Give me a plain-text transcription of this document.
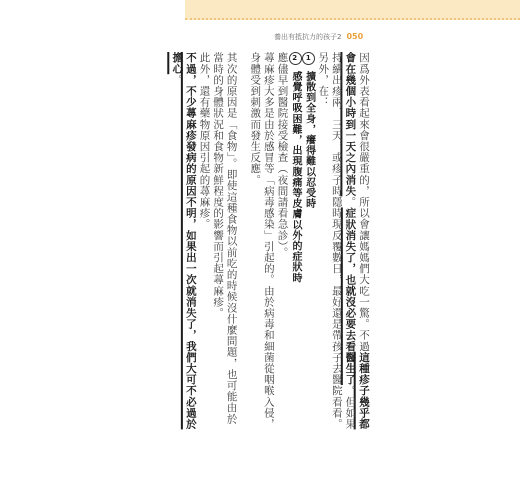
養出有抵抗力的孩子2 050

因爲外表看起來會很嚴重的，所以會讓媽媽們大吃一驚。不過這種疹子幾乎都會在幾個小時到一天之內消失。症狀消失了，也就沒必要去看醫生了。但如果持續出疹兩、三天，或疹子時隱時現反覆數日，最好還是帶孩子去醫院看看。另外，在：

1 擴散到全身，癢得難以忍受時

2 感覺呼吸困難，出現腹痛等皮膚以外的症狀時

應儘早到醫院接受檢查（夜間請看急診）。

蕁麻疹大多是由於感冒等「病毒感染」引起的。由於病毒和細菌從咽喉入侵，身體受到刺激而發生反應。

其次的原因是「食物」。即使這種食物以前吃的時候沒什麼問題，也可能由於當時的身體狀況和食物新鮮程度的影響而引起蕁麻疹。

此外，還有藥物原因引起的蕁麻疹。

不過，不少蕁麻疹發病的原因不明，如果出一次就消失了，我們大可不必過於擔心。
